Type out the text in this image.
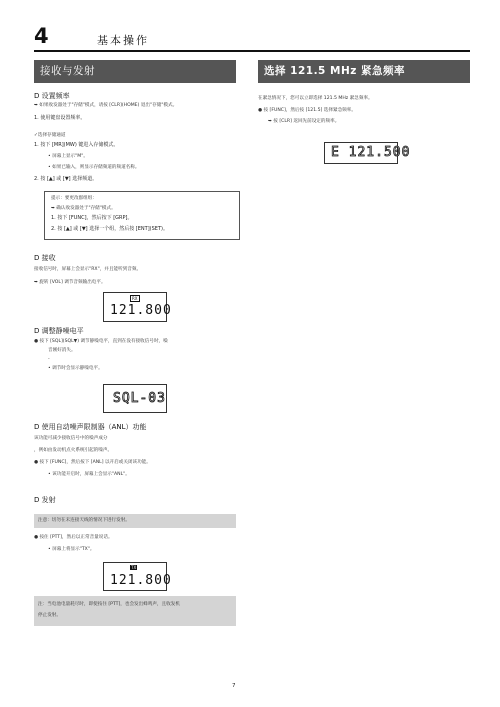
4	基本操作
接收与发射	选择 121.5 MHz 紧急频率
D 设置频率
➥ 如果收发器处于"存储"模式，请按 [CLR](HOME) 退出"存储"模式。
1. 使用键盘设置频率。
✓选择存储通道
1. 按下 [MR](MW) 键进入存储模式。
• 屏幕上显示"M"。
• 如果已输入，则显示存储频道的频道名称。
2. 按 [▲] 或 [▼] 选择频道。
提示：要更改群组组：
➥ 确认收发器处于"存储"模式。
1. 按下 [FUNC]，然后按下 [GRP]。
2. 按 [▲] 或 [▼] 选择一个组，然后按 [ENT](SET)。
D 接收
接收信号时，屏幕上会显示"RX"，并且能听到音频。
➥ 旋转 [VOL] 调节音频输出电平。
RX
121.800
D 调整静噪电平
● 按下 [SQL](SQL▼) 调节静噪电平，直到在没有接收信号时，噪
音刚好消失。
-
• 调节时会显示静噪电平。
SQL-03
D 使用自动噪声限制器（ANL）功能
该功能可减少接收信号中的噪声成分
，例如由发动机点火系统引起的噪声。
● 按下 [FUNC]，然后按下 [ANL] 以开启或关闭该功能。
• 该功能开启时，屏幕上会显示"ANL"。
D 发射
注意：切勿在未连接天线的情况下进行发射。
● 按住 [PTT]，然后以正常音量说话。
• 屏幕上将显示"TX"。
TX
121.800
注：当电池电量耗尽时，即使按住 [PTT]，也会发出蜂鸣声，且收发机
停止发射。
在紧急情况下，您可以立即选择 121.5 MHz 紧急频率。
● 按 [FUNC]，然后按 [121.5] 选择紧急频率。
➥ 按 [CLR] 返回先前设定的频率。
E 121.500
7
